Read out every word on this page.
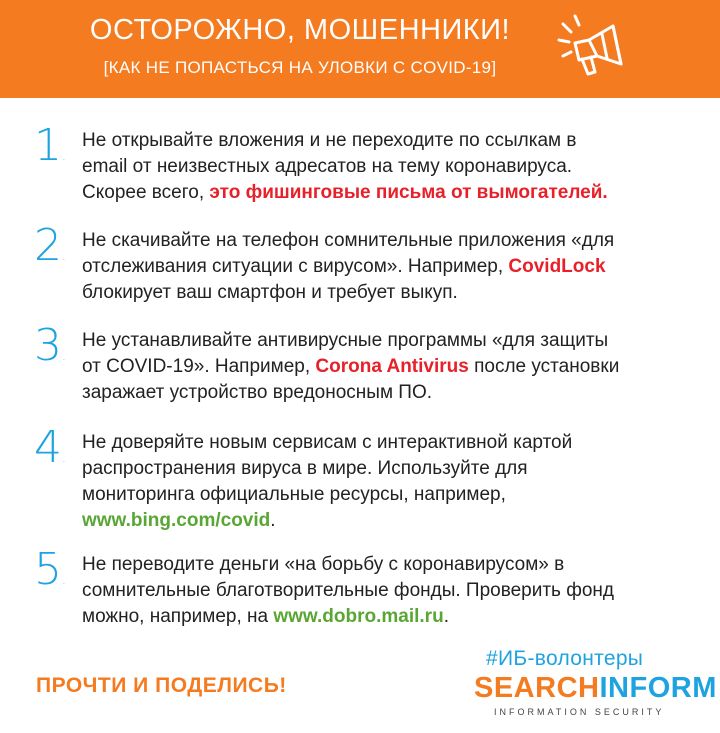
ОСТОРОЖНО, МОШЕННИКИ!
[КАК НЕ ПОПАСТЬСЯ НА УЛОВКИ С COVID-19]
1.
Не открывайте вложения и не переходите по ссылкам в
email от неизвестных адресатов на тему коронавируса.
Скорее всего, это фишинговые письма от вымогателей.
2.
Не скачивайте на телефон сомнительные приложения «для
отслеживания ситуации с вирусом». Например, CovidLock
блокирует ваш смартфон и требует выкуп.
3.
Не устанавливайте антивирусные программы «для защиты
от COVID-19». Например, Corona Antivirus после установки
заражает устройство вредоносным ПО.
4.
Не доверяйте новым сервисам с интерактивной картой
распространения вируса в мире. Используйте для
мониторинга официальные ресурсы, например,
www.bing.com/covid.
5.
Не переводите деньги «на борьбу с коронавирусом» в
сомнительные благотворительные фонды. Проверить фонд
можно, например, на www.dobro.mail.ru.
ПРОЧТИ И ПОДЕЛИСЬ!
#ИБ-волонтеры
SEARCHINFORM
INFORMATION SECURITY
